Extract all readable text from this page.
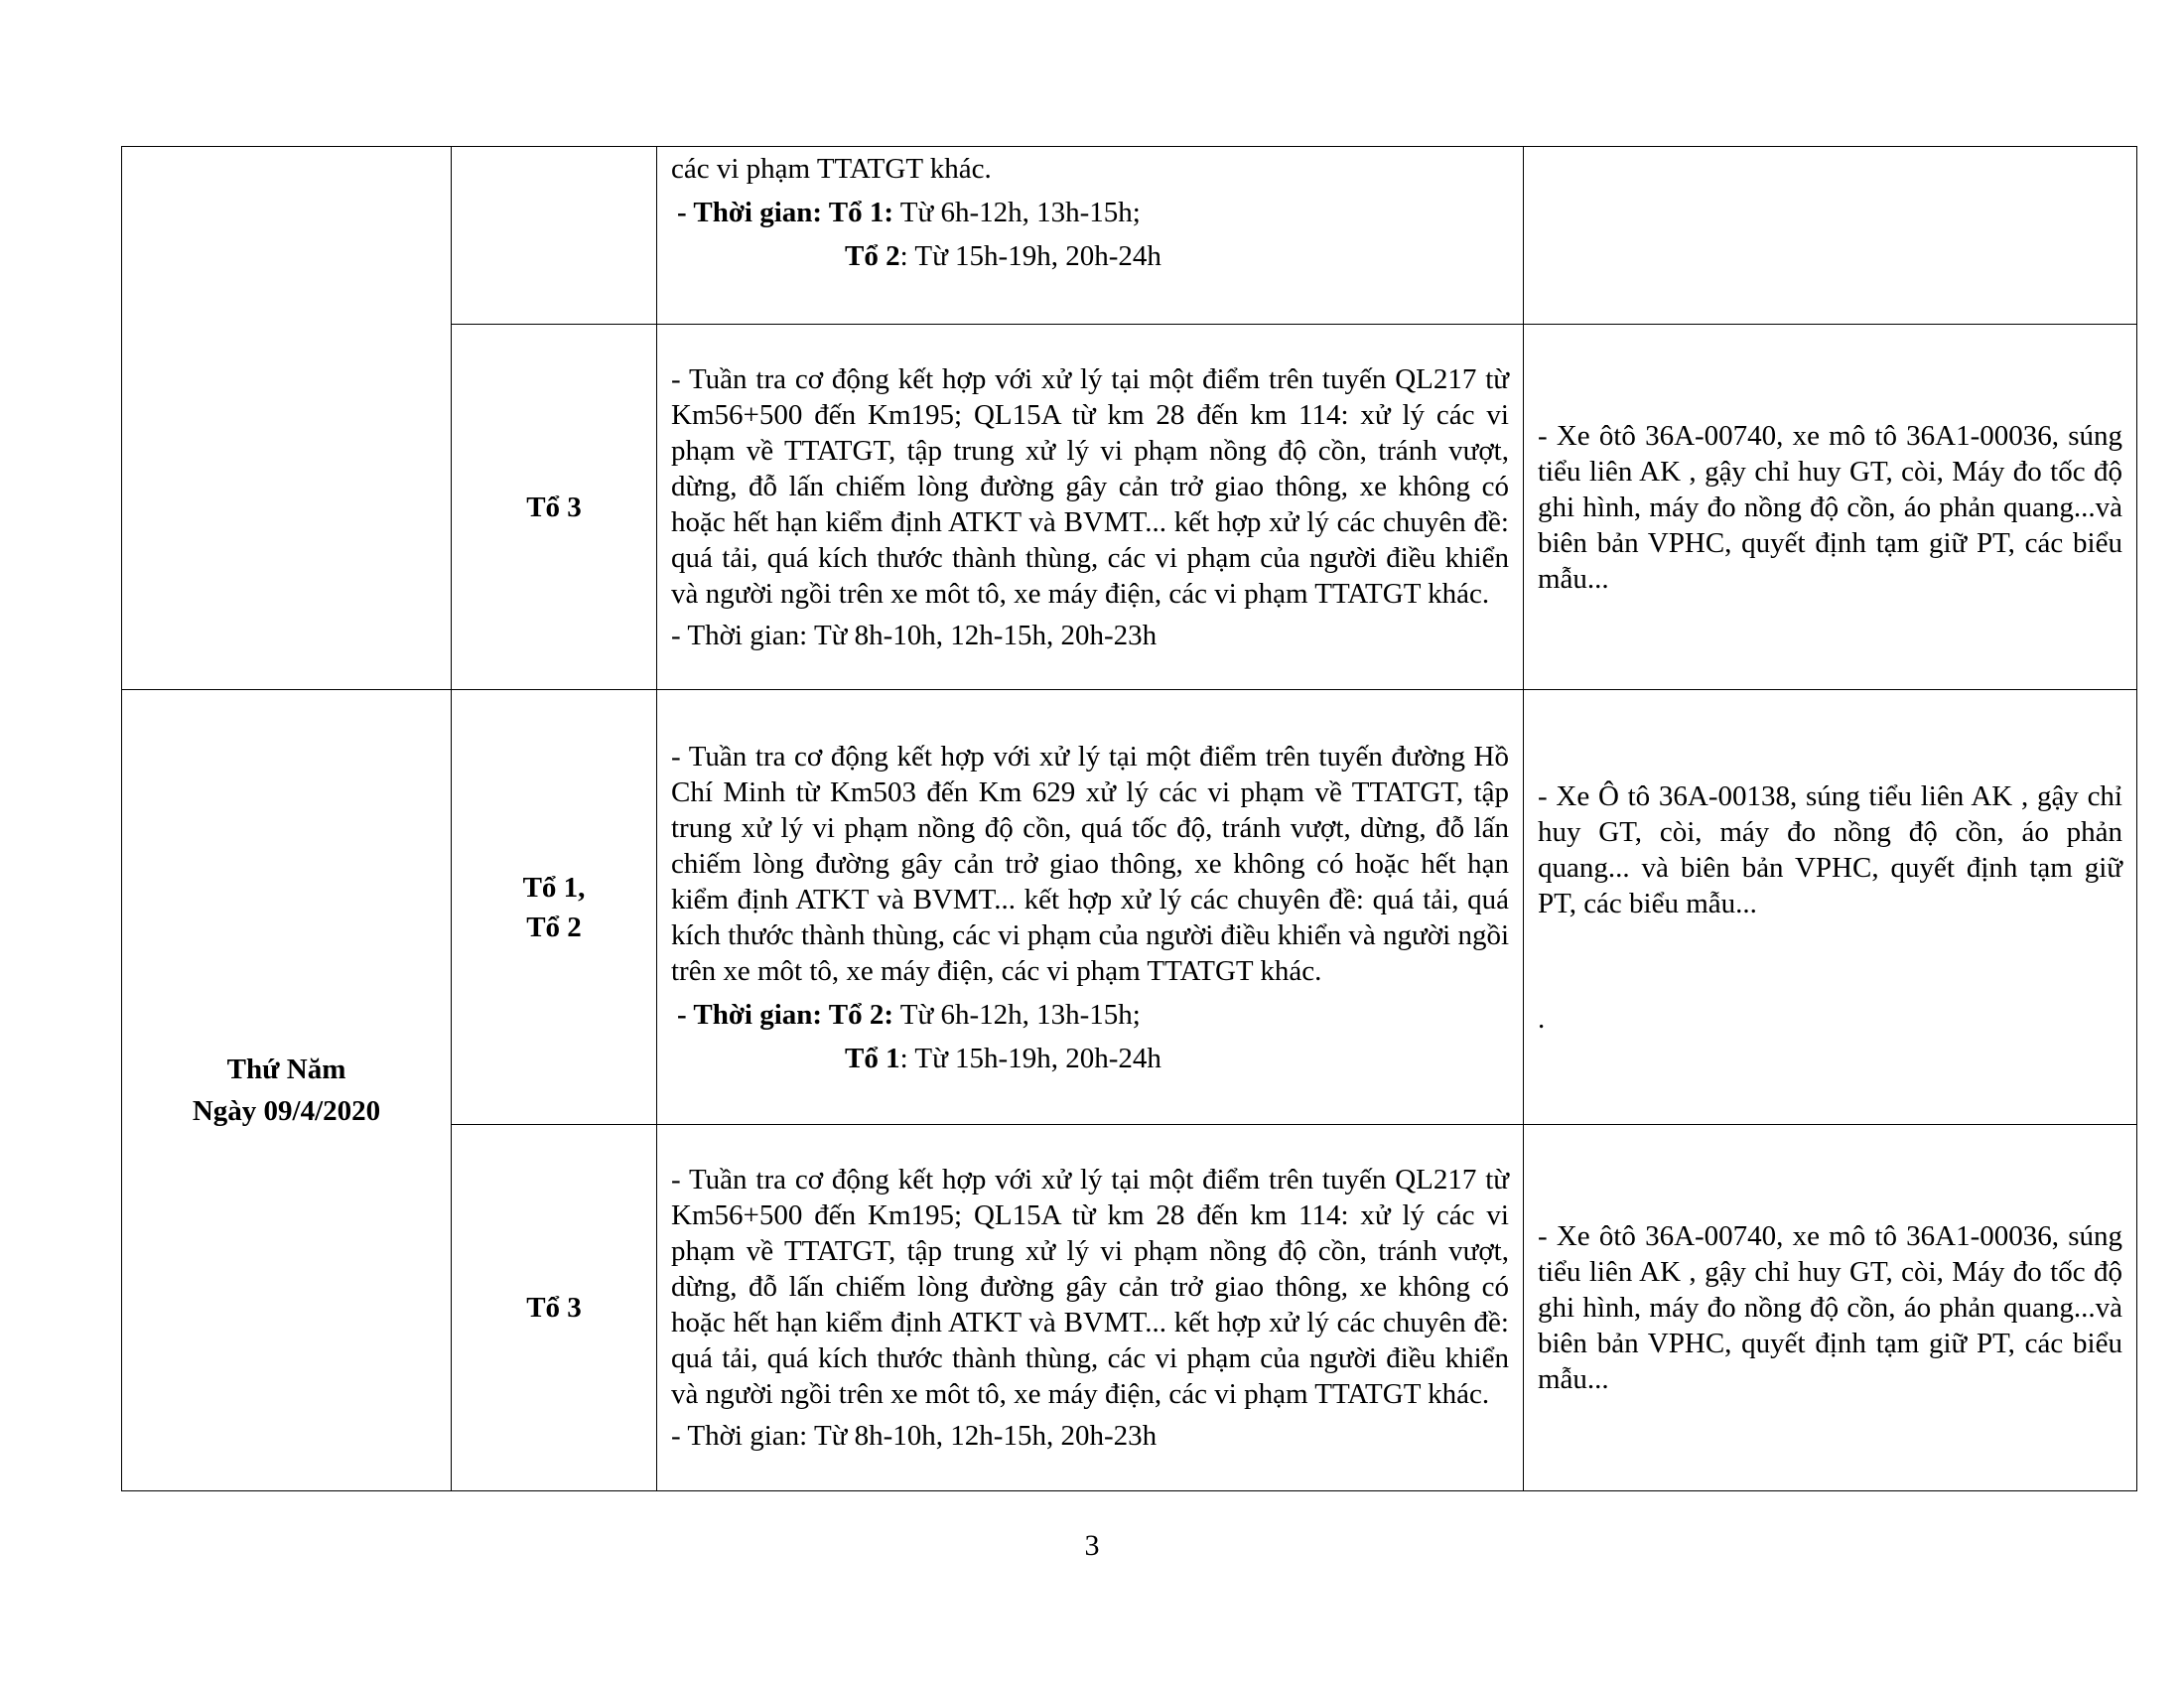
		các vi phạm TTATGT khác.
- Thời gian: Tổ 1: Từ 6h-12h, 13h-15h;
Tổ 2: Từ 15h-19h, 20h-24h	

	Tổ 3	- Tuần tra cơ động kết hợp với xử lý tại một điểm trên tuyến QL217 từ Km56+500 đến Km195; QL15A từ km 28 đến km 114: xử lý các vi phạm về TTATGT, tập trung xử lý vi phạm nồng độ cồn, tránh vượt, dừng, đỗ lấn chiếm lòng đường gây cản trở giao thông, xe không có hoặc hết hạn kiểm định ATKT và BVMT... kết hợp xử lý các chuyên đề: quá tải, quá kích thước thành thùng, các vi phạm của người điều khiển và người ngồi trên xe môt tô, xe máy điện, các vi phạm TTATGT khác.
- Thời gian: Từ 8h-10h, 12h-15h, 20h-23h	- Xe ôtô 36A-00740, xe mô tô 36A1-00036, súng tiểu liên AK , gậy chỉ huy GT, còi, Máy đo tốc độ ghi hình, máy đo nồng độ cồn, áo phản quang...và biên bản VPHC, quyết định tạm giữ PT, các biểu mẫu...

Thứ Năm
Ngày 09/4/2020	Tổ 1,
Tổ 2	- Tuần tra cơ động kết hợp với xử lý tại một điểm trên tuyến đường Hồ Chí Minh từ Km503 đến Km 629 xử lý các vi phạm về TTATGT, tập trung xử lý vi phạm nồng độ cồn, quá tốc độ, tránh vượt, dừng, đỗ lấn chiếm lòng đường gây cản trở giao thông, xe không có hoặc hết hạn kiểm định ATKT và BVMT... kết hợp xử lý các chuyên đề: quá tải, quá kích thước thành thùng, các vi phạm của người điều khiển và người ngồi trên xe môt tô, xe máy điện, các vi phạm TTATGT khác.
- Thời gian: Tổ 2: Từ 6h-12h, 13h-15h;
Tổ 1: Từ 15h-19h, 20h-24h	- Xe Ô tô 36A-00138, súng tiểu liên AK , gậy chỉ huy GT, còi, máy đo nồng độ cồn, áo phản quang... và biên bản VPHC, quyết định tạm giữ PT, các biểu mẫu...
.

	Tổ 3	- Tuần tra cơ động kết hợp với xử lý tại một điểm trên tuyến QL217 từ Km56+500 đến Km195; QL15A từ km 28 đến km 114: xử lý các vi phạm về TTATGT, tập trung xử lý vi phạm nồng độ cồn, tránh vượt, dừng, đỗ lấn chiếm lòng đường gây cản trở giao thông, xe không có hoặc hết hạn kiểm định ATKT và BVMT... kết hợp xử lý các chuyên đề: quá tải, quá kích thước thành thùng, các vi phạm của người điều khiển và người ngồi trên xe môt tô, xe máy điện, các vi phạm TTATGT khác.
- Thời gian: Từ 8h-10h, 12h-15h, 20h-23h	- Xe ôtô 36A-00740, xe mô tô 36A1-00036, súng tiểu liên AK , gậy chỉ huy GT, còi, Máy đo tốc độ ghi hình, máy đo nồng độ cồn, áo phản quang...và biên bản VPHC, quyết định tạm giữ PT, các biểu mẫu...
3
